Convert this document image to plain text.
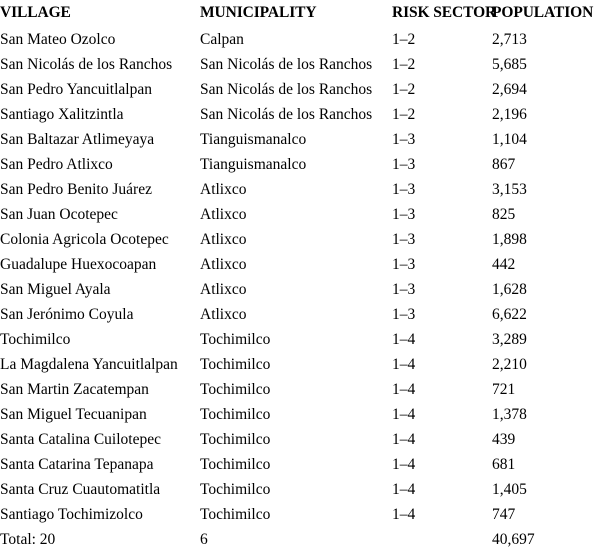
VILLAGE	MUNICIPALITY	RISK SECTOR	POPULATION
San Mateo Ozolco	Calpan	1–2	2,713
San Nicolás de los Ranchos	San Nicolás de los Ranchos	1–2	5,685
San Pedro Yancuitlalpan	San Nicolás de los Ranchos	1–2	2,694
Santiago Xalitzintla	San Nicolás de los Ranchos	1–2	2,196
San Baltazar Atlimeyaya	Tianguismanalco	1–3	1,104
San Pedro Atlixco	Tianguismanalco	1–3	867
San Pedro Benito Juárez	Atlixco	1–3	3,153
San Juan Ocotepec	Atlixco	1–3	825
Colonia Agricola Ocotepec	Atlixco	1–3	1,898
Guadalupe Huexocoapan	Atlixco	1–3	442
San Miguel Ayala	Atlixco	1–3	1,628
San Jerónimo Coyula	Atlixco	1–3	6,622
Tochimilco	Tochimilco	1–4	3,289
La Magdalena Yancuitlalpan	Tochimilco	1–4	2,210
San Martin Zacatempan	Tochimilco	1–4	721
San Miguel Tecuanipan	Tochimilco	1–4	1,378
Santa Catalina Cuilotepec	Tochimilco	1–4	439
Santa Catarina Tepanapa	Tochimilco	1–4	681
Santa Cruz Cuautomatitla	Tochimilco	1–4	1,405
Santiago Tochimizolco	Tochimilco	1–4	747
Total: 20	6		40,697
